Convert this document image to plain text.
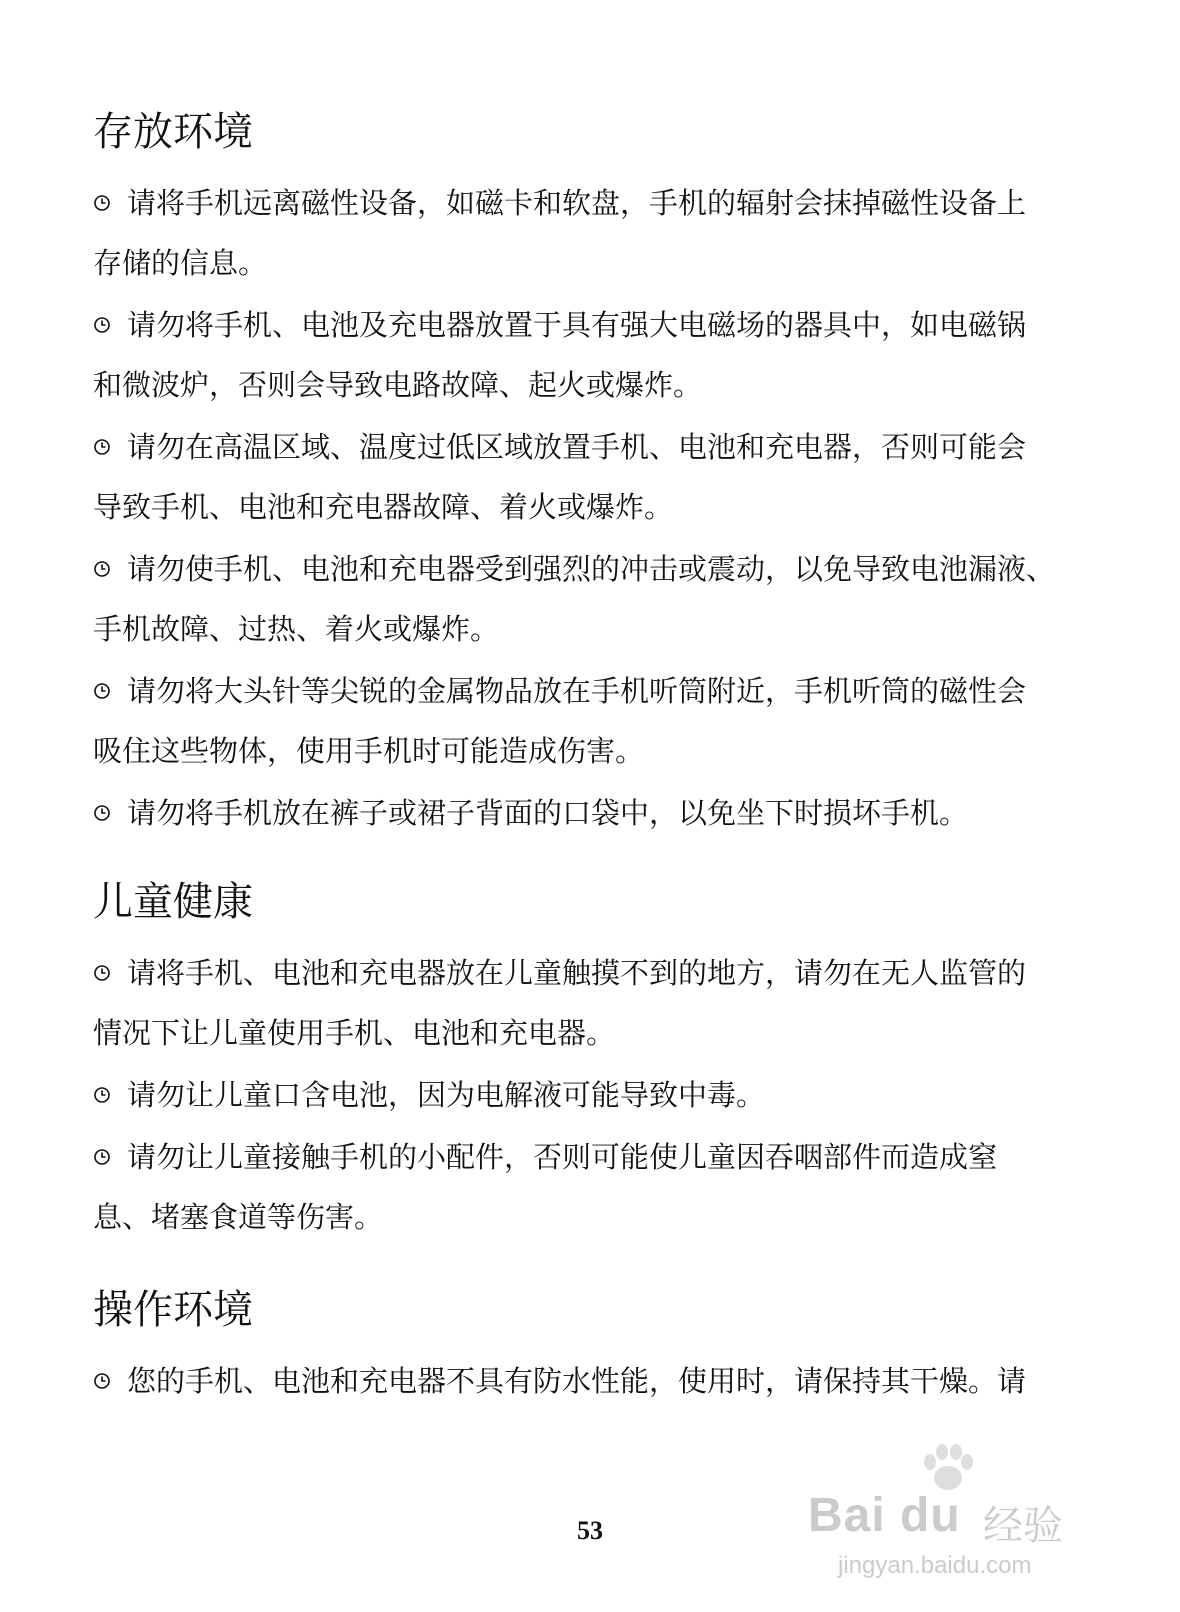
存放环境
请将手机远离磁性设备，如磁卡和软盘，手机的辐射会抹掉磁性设备上
存储的信息。
请勿将手机、电池及充电器放置于具有强大电磁场的器具中，如电磁锅
和微波炉，否则会导致电路故障、起火或爆炸。
请勿在高温区域、温度过低区域放置手机、电池和充电器，否则可能会
导致手机、电池和充电器故障、着火或爆炸。
请勿使手机、电池和充电器受到强烈的冲击或震动，以免导致电池漏液、
手机故障、过热、着火或爆炸。
请勿将大头针等尖锐的金属物品放在手机听筒附近，手机听筒的磁性会
吸住这些物体，使用手机时可能造成伤害。
请勿将手机放在裤子或裙子背面的口袋中，以免坐下时损坏手机。
儿童健康
请将手机、电池和充电器放在儿童触摸不到的地方，请勿在无人监管的
情况下让儿童使用手机、电池和充电器。
请勿让儿童口含电池，因为电解液可能导致中毒。
请勿让儿童接触手机的小配件，否则可能使儿童因吞咽部件而造成窒
息、堵塞食道等伤害。
操作环境
您的手机、电池和充电器不具有防水性能，使用时，请保持其干燥。请
53	Bai du 经验
jingyan.baidu.com
